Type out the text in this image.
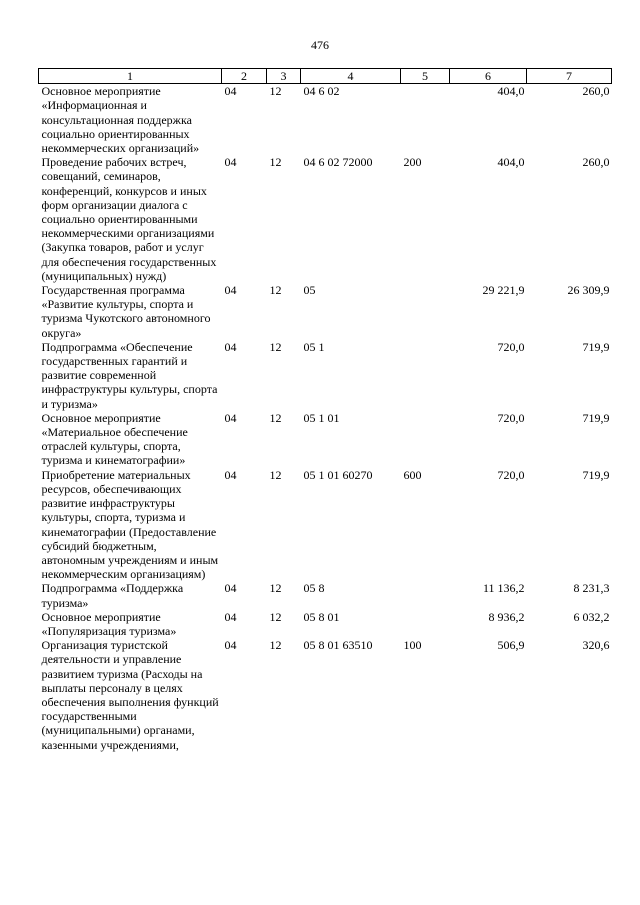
476
1	2	3	4	5	6	7
Основное мероприятие «Информационная и консультационная поддержка социально ориентированных некоммерческих организаций»	04	12	04 6 02		404,0	260,0
Проведение рабочих встреч, совещаний, семинаров, конференций, конкурсов и иных форм организации диалога с социально ориентированными некоммерческими организациями (Закупка товаров, работ и услуг для обеспечения государственных (муниципальных) нужд)	04	12	04 6 02 72000	200	404,0	260,0
Государственная программа «Развитие культуры, спорта и туризма Чукотского автономного округа»	04	12	05		29 221,9	26 309,9
Подпрограмма «Обеспечение государственных гарантий и развитие современной инфраструктуры культуры, спорта и туризма»	04	12	05 1		720,0	719,9
Основное мероприятие «Материальное обеспечение отраслей культуры, спорта, туризма и кинематографии»	04	12	05 1 01		720,0	719,9
Приобретение материальных ресурсов, обеспечивающих развитие инфраструктуры культуры, спорта, туризма и кинематографии (Предоставление субсидий бюджетным, автономным учреждениям и иным некоммерческим организациям)	04	12	05 1 01 60270	600	720,0	719,9
Подпрограмма «Поддержка туризма»	04	12	05 8		11 136,2	8 231,3
Основное мероприятие «Популяризация туризма»	04	12	05 8 01		8 936,2	6 032,2
Организация туристской деятельности и управление развитием туризма (Расходы на выплаты персоналу в целях обеспечения выполнения функций государственными (муниципальными) органами, казенными учреждениями,	04	12	05 8 01 63510	100	506,9	320,6
